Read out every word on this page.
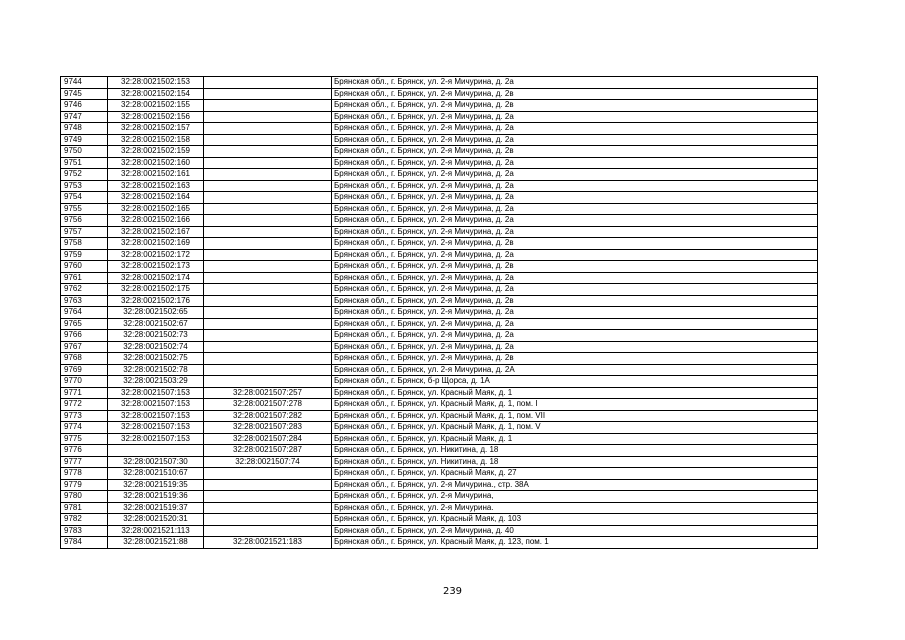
9744	32:28:0021502:153		Брянская обл., г. Брянск, ул. 2-я Мичурина, д. 2а
9745	32:28:0021502:154		Брянская обл., г. Брянск, ул. 2-я Мичурина, д. 2в
9746	32:28:0021502:155		Брянская обл., г. Брянск, ул. 2-я Мичурина, д. 2в
9747	32:28:0021502:156		Брянская обл., г. Брянск, ул. 2-я Мичурина, д. 2а
9748	32:28:0021502:157		Брянская обл., г. Брянск, ул. 2-я Мичурина, д. 2а
9749	32:28:0021502:158		Брянская обл., г. Брянск, ул. 2-я Мичурина, д. 2а
9750	32:28:0021502:159		Брянская обл., г. Брянск, ул. 2-я Мичурина, д. 2в
9751	32:28:0021502:160		Брянская обл., г. Брянск, ул. 2-я Мичурина, д. 2а
9752	32:28:0021502:161		Брянская обл., г. Брянск, ул. 2-я Мичурина, д. 2а
9753	32:28:0021502:163		Брянская обл., г. Брянск, ул. 2-я Мичурина, д. 2а
9754	32:28:0021502:164		Брянская обл., г. Брянск, ул. 2-я Мичурина, д. 2а
9755	32:28:0021502:165		Брянская обл., г. Брянск, ул. 2-я Мичурина, д. 2а
9756	32:28:0021502:166		Брянская обл., г. Брянск, ул. 2-я Мичурина, д. 2а
9757	32:28:0021502:167		Брянская обл., г. Брянск, ул. 2-я Мичурина, д. 2а
9758	32:28:0021502:169		Брянская обл., г. Брянск, ул. 2-я Мичурина, д. 2в
9759	32:28:0021502:172		Брянская обл., г. Брянск, ул. 2-я Мичурина, д. 2а
9760	32:28:0021502:173		Брянская обл., г. Брянск, ул. 2-я Мичурина, д. 2в
9761	32:28:0021502:174		Брянская обл., г. Брянск, ул. 2-я Мичурина, д. 2а
9762	32:28:0021502:175		Брянская обл., г. Брянск, ул. 2-я Мичурина, д. 2а
9763	32:28:0021502:176		Брянская обл., г. Брянск, ул. 2-я Мичурина, д. 2в
9764	32:28:0021502:65		Брянская обл., г. Брянск, ул. 2-я Мичурина, д. 2а
9765	32:28:0021502:67		Брянская обл., г. Брянск, ул. 2-я Мичурина, д. 2а
9766	32:28:0021502:73		Брянская обл., г. Брянск, ул. 2-я Мичурина, д. 2а
9767	32:28:0021502:74		Брянская обл., г. Брянск, ул. 2-я Мичурина, д. 2а
9768	32:28:0021502:75		Брянская обл., г. Брянск, ул. 2-я Мичурина, д. 2в
9769	32:28:0021502:78		Брянская обл., г. Брянск, ул. 2-я Мичурина, д. 2А
9770	32:28:0021503:29		Брянская обл., г. Брянск, б-р Щорса, д. 1А
9771	32:28:0021507:153	32:28:0021507:257	Брянская обл., г. Брянск, ул. Красный Маяк, д. 1
9772	32:28:0021507:153	32:28:0021507:278	Брянская обл., г. Брянск, ул. Красный Маяк, д. 1, пом. I
9773	32:28:0021507:153	32:28:0021507:282	Брянская обл., г. Брянск, ул. Красный Маяк, д. 1, пом. VII
9774	32:28:0021507:153	32:28:0021507:283	Брянская обл., г. Брянск, ул. Красный Маяк, д. 1, пом. V
9775	32:28:0021507:153	32:28:0021507:284	Брянская обл., г. Брянск, ул. Красный Маяк, д. 1
9776		32:28:0021507:287	Брянская обл., г. Брянск, ул. Никитина, д. 18
9777	32:28:0021507:30	32:28:0021507:74	Брянская обл., г. Брянск, ул. Никитина, д. 18
9778	32:28:0021510:67		Брянская обл., г. Брянск, ул. Красный Маяк, д. 27
9779	32:28:0021519:35		Брянская обл., г. Брянск, ул. 2-я Мичурина., стр. 38А
9780	32:28:0021519:36		Брянская обл., г. Брянск, ул. 2-я Мичурина,
9781	32:28:0021519:37		Брянская обл., г. Брянск, ул. 2-я Мичурина.
9782	32:28:0021520:31		Брянская обл., г. Брянск, ул. Красный Маяк, д. 103
9783	32:28:0021521:113		Брянская обл., г. Брянск, ул. 2-я Мичурина, д. 40
9784	32:28:0021521:88	32:28:0021521:183	Брянская обл., г. Брянск, ул. Красный Маяк, д. 123, пом. 1
239
